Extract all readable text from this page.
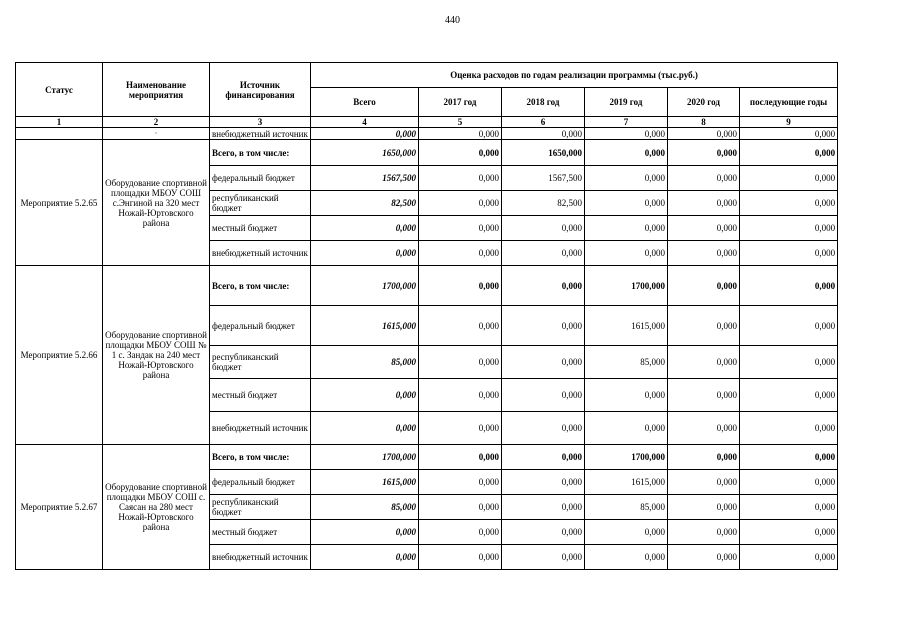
440
Статус	Наименование мероприятия	Источник финансирования	Оценка расходов по годам реализации программы (тыс.руб.)					
			Всего	2017 год	2018 год	2019 год	2020 год	последующие годы
1	2	3	4	5	6	7	8	9

	·	внебюджетный источник	0,000	0,000	0,000	0,000	0,000	0,000

Мероприятие 5.2.65	Оборудование спортивной площадки МБОУ СОШ с.Энгиной на 320 мест Ножай-Юртовского района	Всего, в том числе:	1650,000	0,000	1650,000	0,000	0,000	0,000
		федеральный бюджет	1567,500	0,000	1567,500	0,000	0,000	0,000
		республиканский бюджет	82,500	0,000	82,500	0,000	0,000	0,000
		местный бюджет	0,000	0,000	0,000	0,000	0,000	0,000
		внебюджетный источник	0,000	0,000	0,000	0,000	0,000	0,000
Мероприятие 5.2.66	Оборудование спортивной площадки МБОУ СОШ № 1 с. Зандак на 240 мест Ножай-Юртовского района	Всего, в том числе:	1700,000	0,000	0,000	1700,000	0,000	0,000
		федеральный бюджет	1615,000	0,000	0,000	1615,000	0,000	0,000
		республиканский бюджет	85,000	0,000	0,000	85,000	0,000	0,000
		местный бюджет	0,000	0,000	0,000	0,000	0,000	0,000
		внебюджетный источник	0,000	0,000	0,000	0,000	0,000	0,000
Мероприятие 5.2.67	Оборудование спортивной площадки МБОУ СОШ с. Саясан на 280 мест Ножай-Юртовского района	Всего, в том числе:	1700,000	0,000	0,000	1700,000	0,000	0,000
		федеральный бюджет	1615,000	0,000	0,000	1615,000	0,000	0,000
		республиканский бюджет	85,000	0,000	0,000	85,000	0,000	0,000
		местный бюджет	0,000	0,000	0,000	0,000	0,000	0,000
		внебюджетный источник	0,000	0,000	0,000	0,000	0,000	0,000
